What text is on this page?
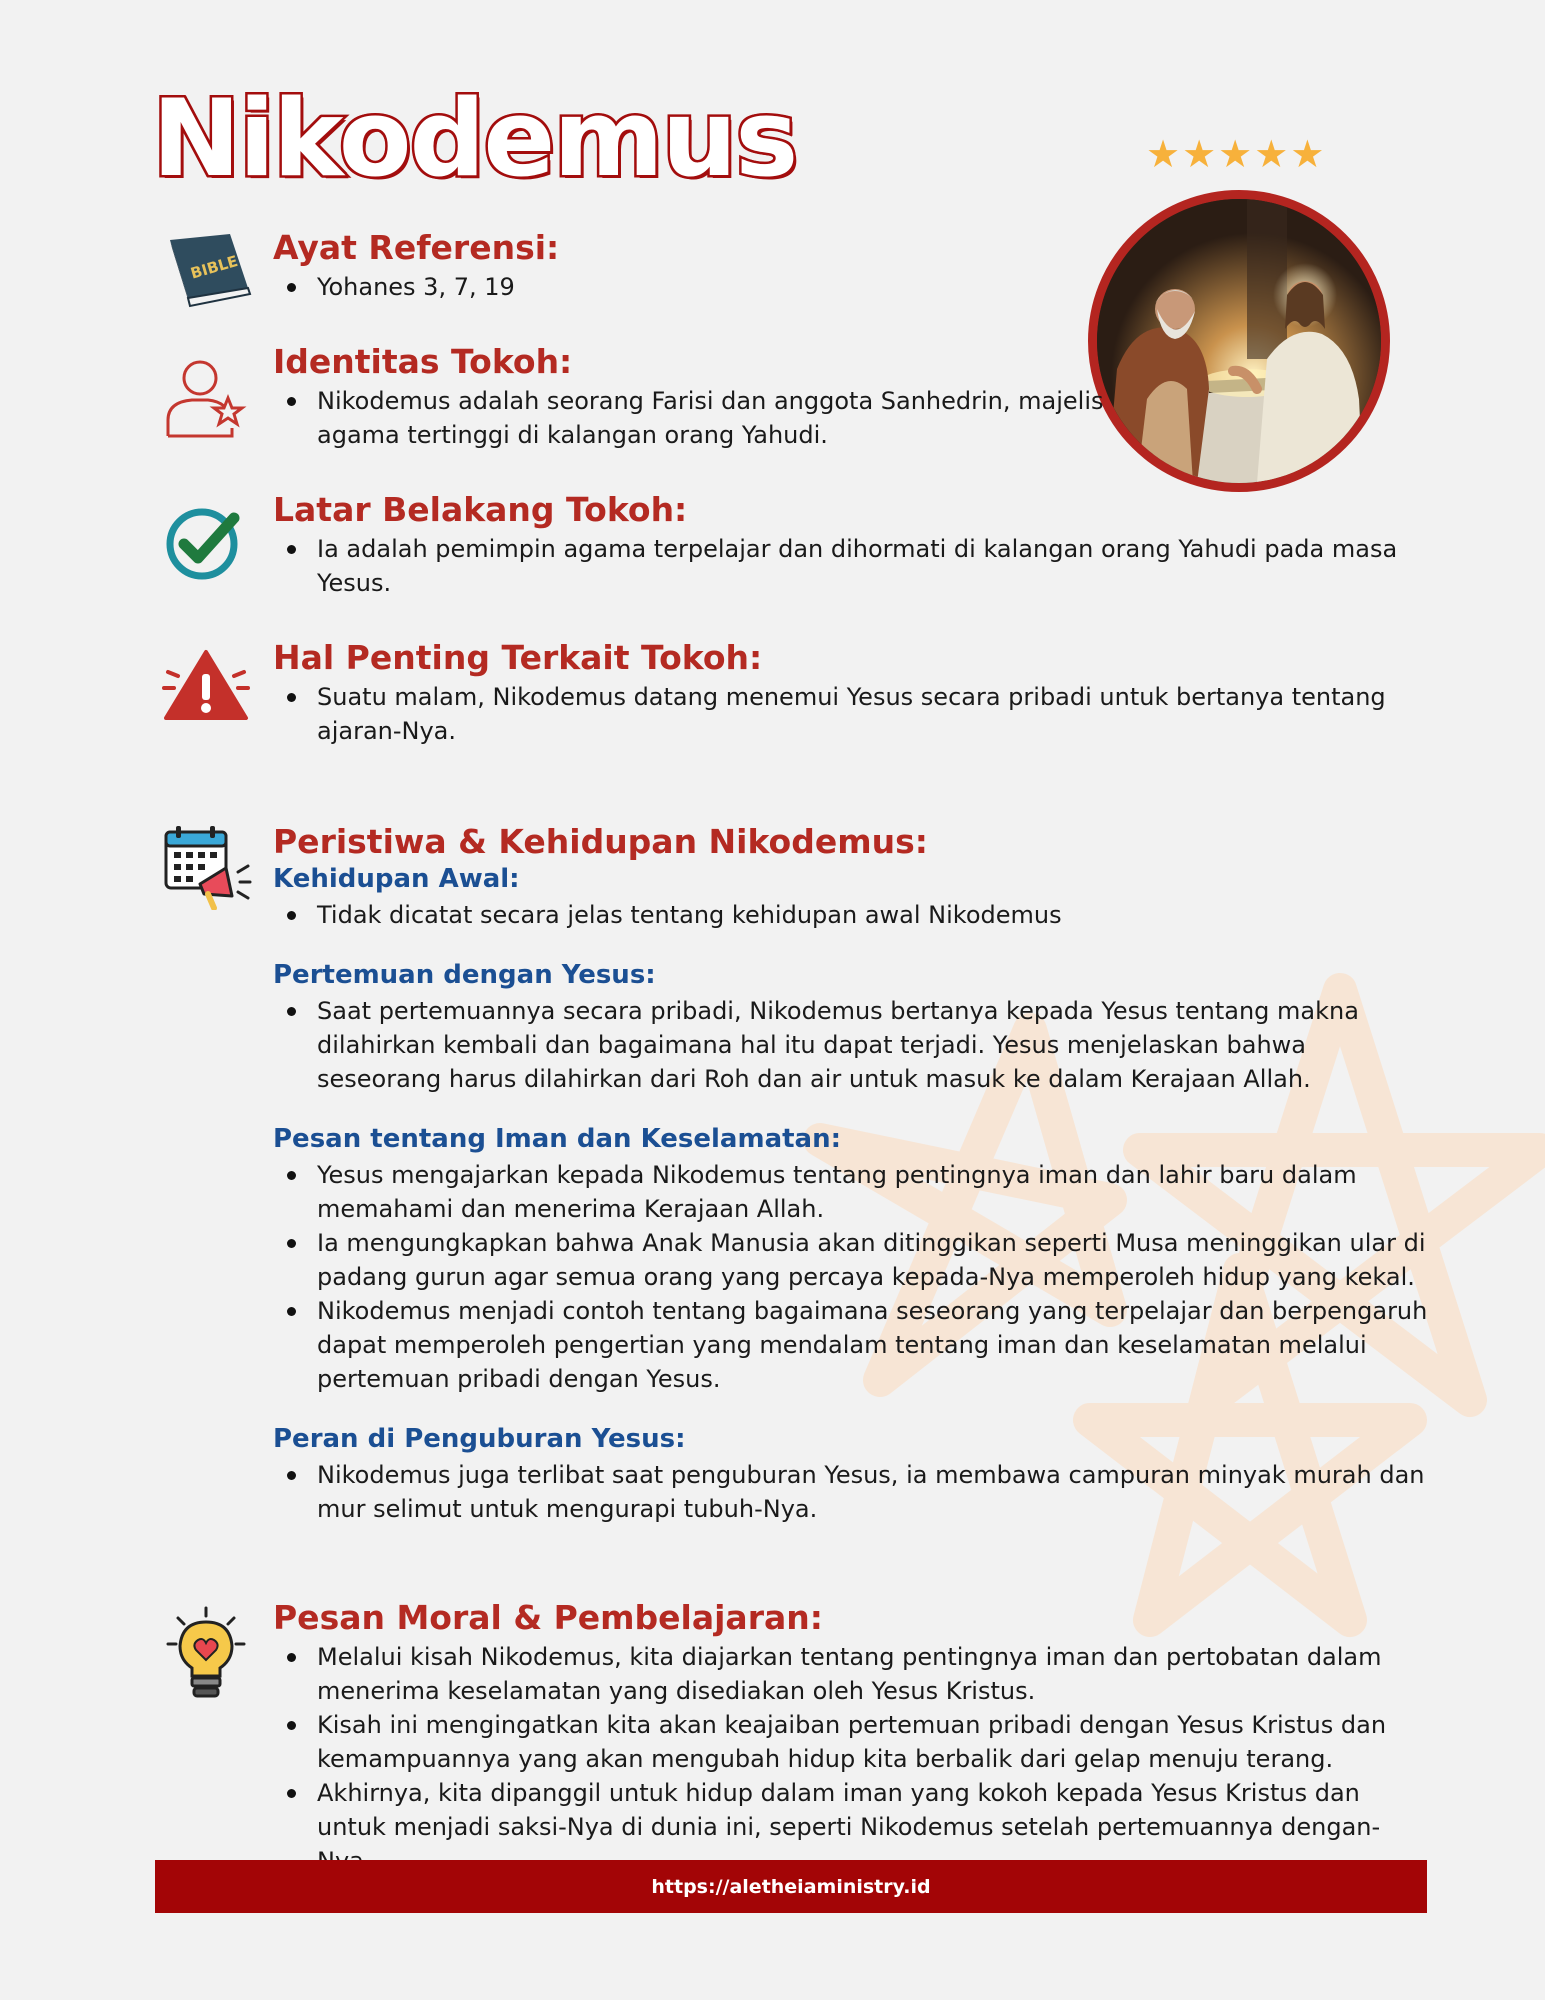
Nikodemus	★ ★ ★ ★ ★
BIBLE
Ayat Referensi:
Yohanes 3, 7, 19
Identitas Tokoh:
Nikodemus adalah seorang Farisi dan anggota Sanhedrin, majelis agama tertinggi di kalangan orang Yahudi.
Latar Belakang Tokoh:
Ia adalah pemimpin agama terpelajar dan dihormati di kalangan orang Yahudi pada masa Yesus.
Hal Penting Terkait Tokoh:
Suatu malam, Nikodemus datang menemui Yesus secara pribadi untuk bertanya tentang ajaran-Nya.
Peristiwa & Kehidupan Nikodemus:
Kehidupan Awal:
Tidak dicatat secara jelas tentang kehidupan awal Nikodemus
Pertemuan dengan Yesus:
Saat pertemuannya secara pribadi, Nikodemus bertanya kepada Yesus tentang makna dilahirkan kembali dan bagaimana hal itu dapat terjadi. Yesus menjelaskan bahwa seseorang harus dilahirkan dari Roh dan air untuk masuk ke dalam Kerajaan Allah.
Pesan tentang Iman dan Keselamatan:
Yesus mengajarkan kepada Nikodemus tentang pentingnya iman dan lahir baru dalam memahami dan menerima Kerajaan Allah.
Ia mengungkapkan bahwa Anak Manusia akan ditinggikan seperti Musa meninggikan ular di padang gurun agar semua orang yang percaya kepada-Nya memperoleh hidup yang kekal.
Nikodemus menjadi contoh tentang bagaimana seseorang yang terpelajar dan berpengaruh dapat memperoleh pengertian yang mendalam tentang iman dan keselamatan melalui pertemuan pribadi dengan Yesus.
Peran di Penguburan Yesus:
Nikodemus juga terlibat saat penguburan Yesus, ia membawa campuran minyak murah dan mur selimut untuk mengurapi tubuh-Nya.
Pesan Moral & Pembelajaran:
Melalui kisah Nikodemus, kita diajarkan tentang pentingnya iman dan pertobatan dalam menerima keselamatan yang disediakan oleh Yesus Kristus.
Kisah ini mengingatkan kita akan keajaiban pertemuan pribadi dengan Yesus Kristus dan kemampuannya yang akan mengubah hidup kita berbalik dari gelap menuju terang.
Akhirnya, kita dipanggil untuk hidup dalam iman yang kokoh kepada Yesus Kristus dan untuk menjadi saksi-Nya di dunia ini, seperti Nikodemus setelah pertemuannya dengan-
https://aletheiaministry.id
